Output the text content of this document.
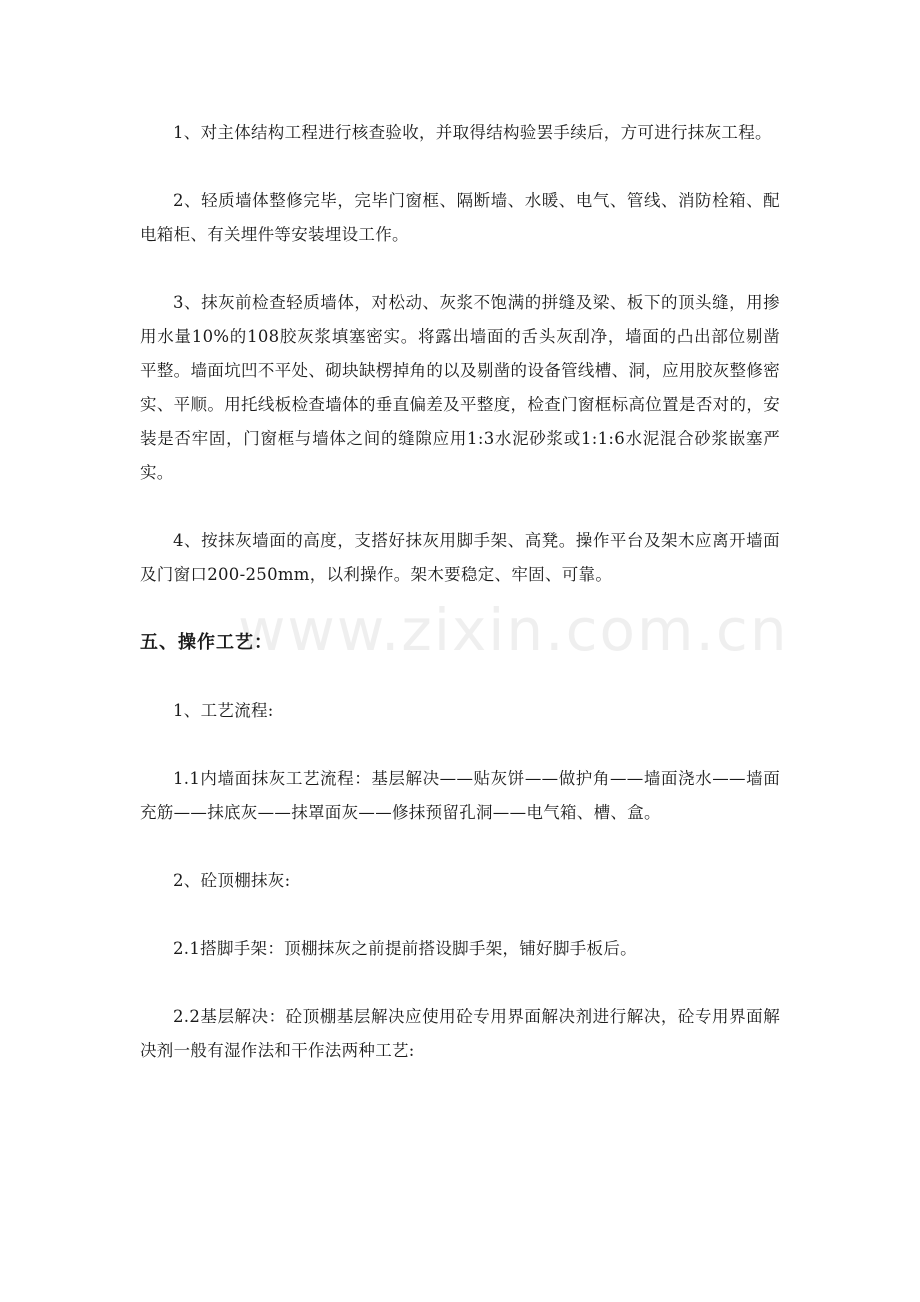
www.zixin.com.cn

1、对主体结构工程进行核查验收，并取得结构验罢手续后，方可进行抹灰工程。

2、轻质墙体整修完毕，完毕门窗框、隔断墙、水暖、电气、管线、消防栓箱、配电箱柜、有关埋件等安装埋设工作。

3、抹灰前检查轻质墙体，对松动、灰浆不饱满的拼缝及梁、板下的顶头缝，用掺用水量10%的108胶灰浆填塞密实。将露出墙面的舌头灰刮净，墙面的凸出部位剔凿平整。墙面坑凹不平处、砌块缺楞掉角的以及剔凿的设备管线槽、洞，应用胶灰整修密实、平顺。用托线板检查墙体的垂直偏差及平整度，检查门窗框标高位置是否对的，安装是否牢固，门窗框与墙体之间的缝隙应用1:3水泥砂浆或1:1:6水泥混合砂浆嵌塞严实。

4、按抹灰墙面的高度，支搭好抹灰用脚手架、高凳。操作平台及架木应离开墙面及门窗口200-250mm，以利操作。架木要稳定、牢固、可靠。

五、操作工艺：

1、工艺流程:

1.1内墙面抹灰工艺流程：基层解决——贴灰饼——做护角——墙面浇水——墙面充筋——抹底灰——抹罩面灰——修抹预留孔洞——电气箱、槽、盒。

2、砼顶棚抹灰:

2.1搭脚手架：顶棚抹灰之前提前搭设脚手架，铺好脚手板后。

2.2基层解决：砼顶棚基层解决应使用砼专用界面解决剂进行解决，砼专用界面解决剂一般有湿作法和干作法两种工艺:
